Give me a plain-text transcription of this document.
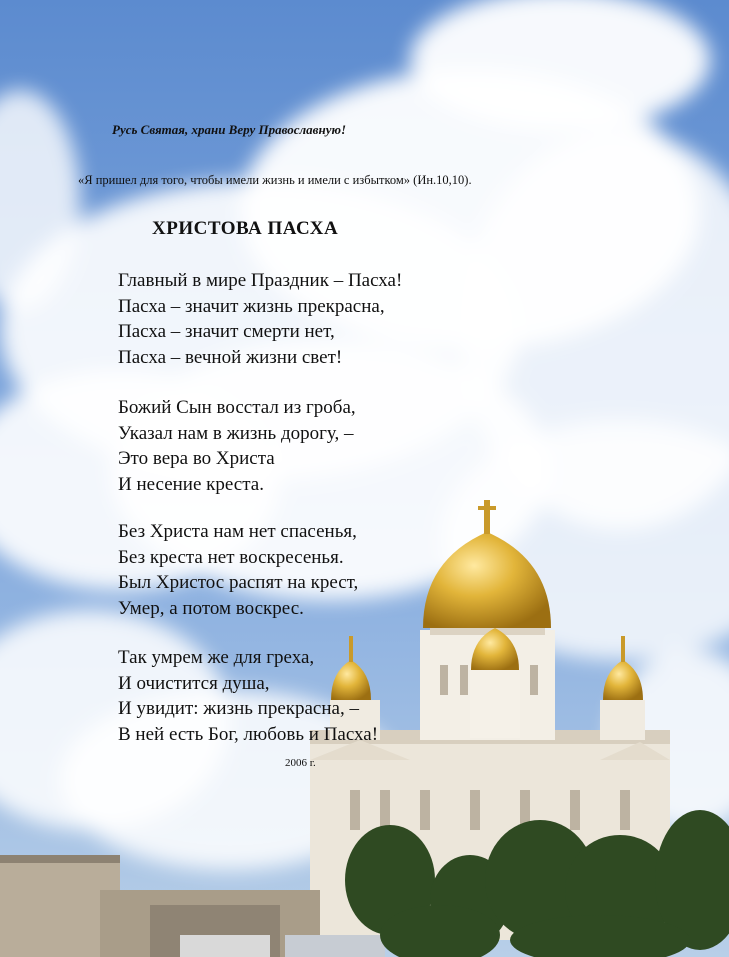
Русь Святая, храни Веру Православную!
«Я пришел для того, чтобы имели жизнь и имели с избытком» (Ин.10,10).
ХРИСТОВА ПАСХА
Главный в мире Праздник – Пасха!
Пасха – значит жизнь прекрасна,
Пасха – значит смерти нет,
Пасха – вечной жизни свет!
Божий Сын восстал из гроба,
Указал нам в жизнь дорогу, –
Это вера во Христа
И несение креста.
Без Христа нам нет спасенья,
Без креста нет воскресенья.
Был Христос распят на крест,
Умер, а потом воскрес.
Так умрем же для греха,
И очистится душа,
И увидит: жизнь прекрасна, –
В ней есть Бог, любовь и Пасха!
2006 г.
